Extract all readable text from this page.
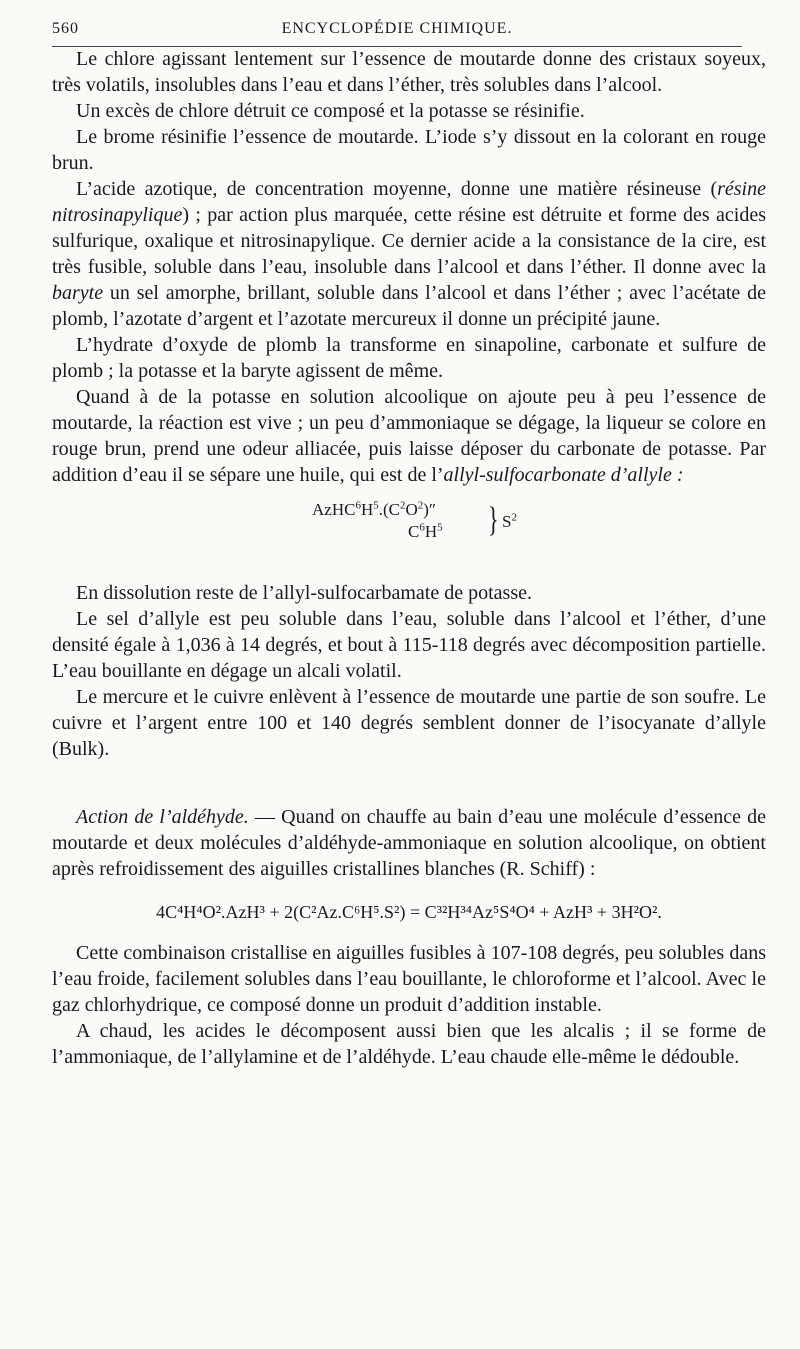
560	ENCYCLOPÉDIE CHIMIQUE.

Le chlore agissant lentement sur l’essence de moutarde donne des cristaux soyeux, très volatils, insolubles dans l’eau et dans l’éther, très solubles dans l’alcool.

Un excès de chlore détruit ce composé et la potasse se résinifie.

Le brome résinifie l’essence de moutarde. L’iode s’y dissout en la colorant en rouge brun.

L’acide azotique, de concentration moyenne, donne une matière résineuse (résine nitrosinapylique) ; par action plus marquée, cette résine est détruite et forme des acides sulfurique, oxalique et nitrosinapylique. Ce dernier acide a la consistance de la cire, est très fusible, soluble dans l’eau, insoluble dans l’alcool et dans l’éther. Il donne avec la baryte un sel amorphe, brillant, soluble dans l’alcool et dans l’éther ; avec l’acétate de plomb, l’azotate d’argent et l’azotate mercureux il donne un précipité jaune.

L’hydrate d’oxyde de plomb la transforme en sinapoline, carbonate et sulfure de plomb ; la potasse et la baryte agissent de même.

Quand à de la potasse en solution alcoolique on ajoute peu à peu l’essence de moutarde, la réaction est vive ; un peu d’ammoniaque se dégage, la liqueur se colore en rouge brun, prend une odeur alliacée, puis laisse déposer du carbonate de potasse. Par addition d’eau il se sépare une huile, qui est de l’allyl-sulfocarbonate d’allyle :

$AzHC^6H^5.(C^2O^2)''$
$C^6H^5$ } $S^2$

En dissolution reste de l’allyl-sulfocarbamate de potasse.

Le sel d’allyle est peu soluble dans l’eau, soluble dans l’alcool et l’éther, d’une densité égale à 1,036 à 14 degrés, et bout à 115-118 degrés avec décomposition partielle. L’eau bouillante en dégage un alcali volatil.

Le mercure et le cuivre enlèvent à l’essence de moutarde une partie de son soufre. Le cuivre et l’argent entre 100 et 140 degrés semblent donner de l’isocyanate d’allyle (Bulk).

Action de l’aldéhyde. — Quand on chauffe au bain d’eau une molécule d’essence de moutarde et deux molécules d’aldéhyde-ammoniaque en solution alcoolique, on obtient après refroidissement des aiguilles cristallines blanches (R. Schiff) :

4C⁴H⁴O².AzH³ + 2(C²Az.C⁶H⁵.S²) = C³²H³⁴Az⁵S⁴O⁴ + AzH³ + 3H²O².

Cette combinaison cristallise en aiguilles fusibles à 107-108 degrés, peu solubles dans l’eau froide, facilement solubles dans l’eau bouillante, le chloroforme et l’alcool. Avec le gaz chlorhydrique, ce composé donne un produit d’addition instable.

A chaud, les acides le décomposent aussi bien que les alcalis ; il se forme de l’ammoniaque, de l’allylamine et de l’aldéhyde. L’eau chaude elle-même le dédouble.
